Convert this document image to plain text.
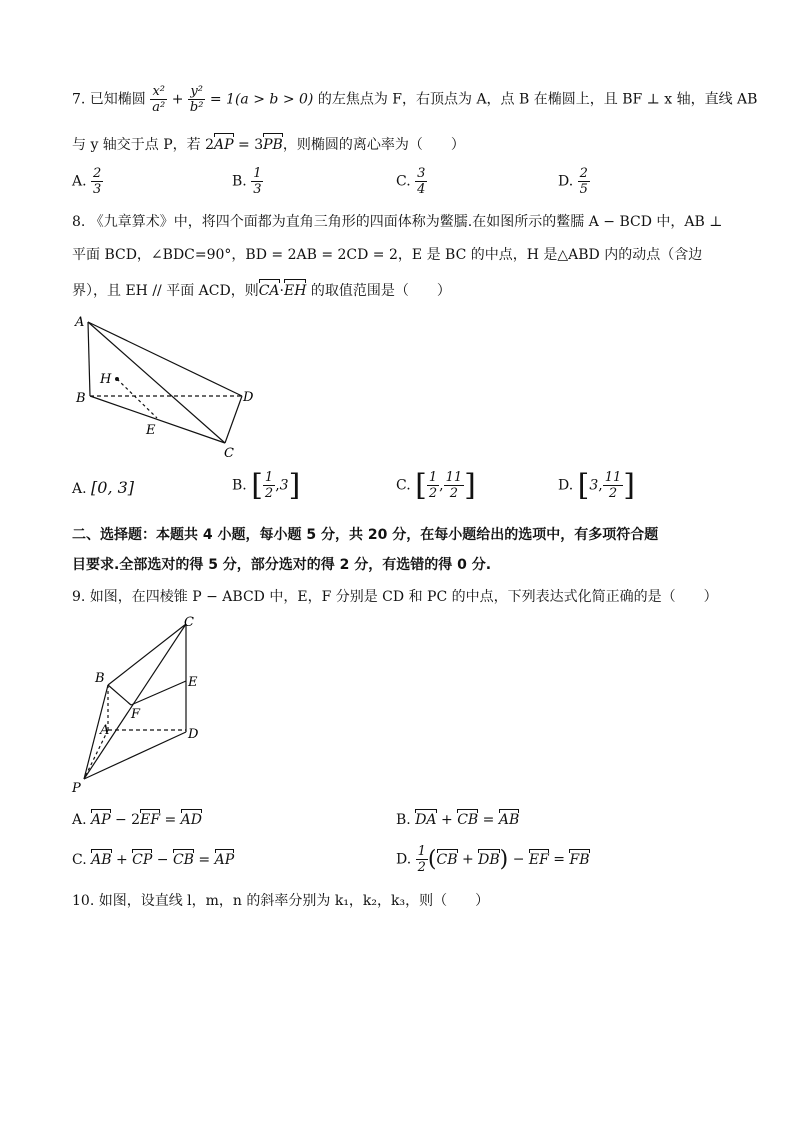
7. 已知椭圆 $\frac{\text{x²}}{\text{a²}} + \frac{\text{y²}}{\text{b²}} = 1(a > b > 0)$ 的左焦点为 F，右顶点为 A，点 B 在椭圆上，且 BF ⊥ x 轴，直线 AB
与 y 轴交于点 P，若 2AP = 3PB，则椭圆的离心率为（　　）
A. $\frac{2}{3}$	B. $\frac{1}{3}$	C. $\frac{3}{4}$	D. $\frac{2}{5}$
8. 《九章算术》中，将四个面都为直角三角形的四面体称为鳖臑.在如图所示的鳖臑 A − BCD 中，AB ⊥
平面 BCD，∠BDC=90°，BD = 2AB = 2CD = 2，E 是 BC 的中点，H 是△ABD 内的动点（含边
界），且 EH // 平面 ACD，则CA·EH 的取值范围是（　　）
A
B
C
D
E
H
A. [0, 3]	B. [ $\frac{1}{2} ,3$]	C. [ $\frac{1}{2}$ , $\frac{11}{2}$ ]	D. [3, $\frac{11}{2}$ ]
二、选择题：本题共 4 小题，每小题 5 分，共 20 分，在每小题给出的选项中，有多项符合题
目要求.全部选对的得 5 分，部分选对的得 2 分，有选错的得 0 分.
9. 如图，在四棱锥 P − ABCD 中，E，F 分别是 CD 和 PC 的中点，下列表达式化简正确的是（　　）
C
B	E
F
A	D
P
A. AP − 2EF = AD	B. DA + CB = AB
C. AB + CP − CB = AP	D. $\frac{1}{2} (CB + DB)$ − EF = FB
10. 如图，设直线 l，m，n 的斜率分别为 k₁，k₂，k₃，则（　　）
